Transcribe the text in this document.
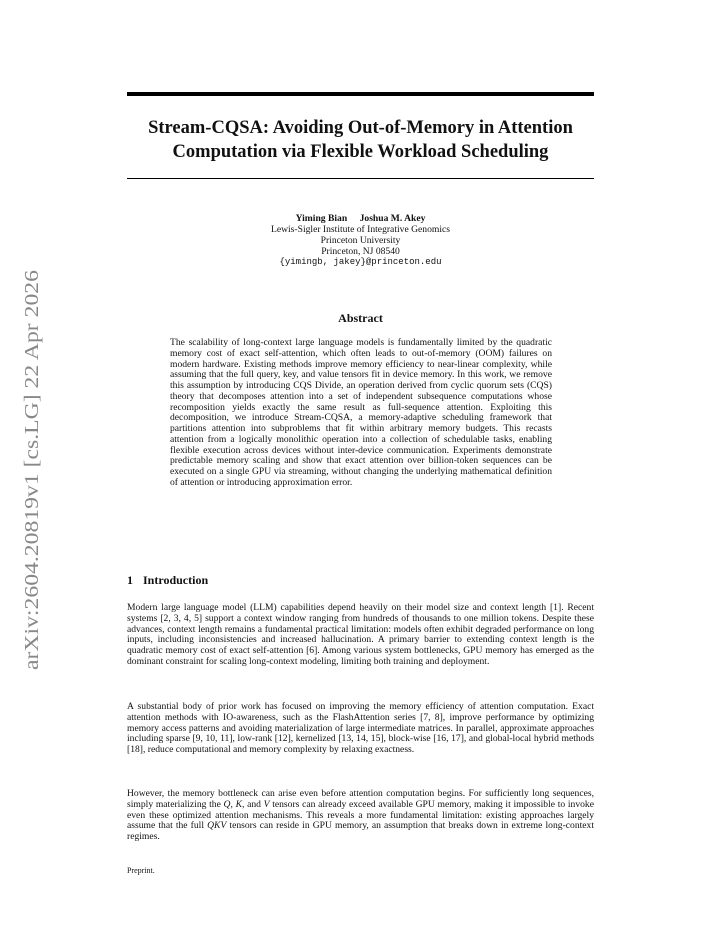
arXiv:2604.20819v1 [cs.LG] 22 Apr 2026
Stream-CQSA: Avoiding Out-of-Memory in Attention
Computation via Flexible Workload Scheduling
Yiming Bian Joshua M. Akey
Lewis-Sigler Institute of Integrative Genomics
Princeton University
Princeton, NJ 08540
{yimingb, jakey}@princeton.edu
Abstract

The scalability of long-context large language models is fundamentally limited by the quadratic memory cost of exact self-attention, which often leads to out-of-memory (OOM) failures on modern hardware. Existing methods improve memory efficiency to near-linear complexity, while assuming that the full query, key, and value tensors fit in device memory. In this work, we remove this assumption by introducing CQS Divide, an operation derived from cyclic quorum sets (CQS) theory that decomposes attention into a set of independent subsequence computations whose recomposition yields exactly the same result as full-sequence attention. Exploiting this decomposition, we introduce Stream-CQSA, a memory-adaptive scheduling framework that partitions attention into subproblems that fit within arbitrary memory budgets. This recasts attention from a logically monolithic operation into a collection of schedulable tasks, enabling flexible execution across devices without inter-device communication. Experiments demonstrate predictable memory scaling and show that exact attention over billion-token sequences can be executed on a single GPU via streaming, without changing the underlying mathematical definition of attention or introducing approximation error.

1 Introduction

Modern large language model (LLM) capabilities depend heavily on their model size and context length [1]. Recent systems [2, 3, 4, 5] support a context window ranging from hundreds of thousands to one million tokens. Despite these advances, context length remains a fundamental practical limitation: models often exhibit degraded performance on long inputs, including inconsistencies and increased hallucination. A primary barrier to extending context length is the quadratic memory cost of exact self-attention [6]. Among various system bottlenecks, GPU memory has emerged as the dominant constraint for scaling long-context modeling, limiting both training and deployment.

A substantial body of prior work has focused on improving the memory efficiency of attention computation. Exact attention methods with IO-awareness, such as the FlashAttention series [7, 8], improve performance by optimizing memory access patterns and avoiding materialization of large intermediate matrices. In parallel, approximate approaches including sparse [9, 10, 11], low-rank [12], kernelized [13, 14, 15], block-wise [16, 17], and global-local hybrid methods [18], reduce computational and memory complexity by relaxing exactness.

However, the memory bottleneck can arise even before attention computation begins. For sufficiently long sequences, simply materializing the Q, K, and V tensors can already exceed available GPU memory, making it impossible to invoke even these optimized attention mechanisms. This reveals a more fundamental limitation: existing approaches largely assume that the full QKV tensors can reside in GPU memory, an assumption that breaks down in extreme long-context regimes.

Preprint.
